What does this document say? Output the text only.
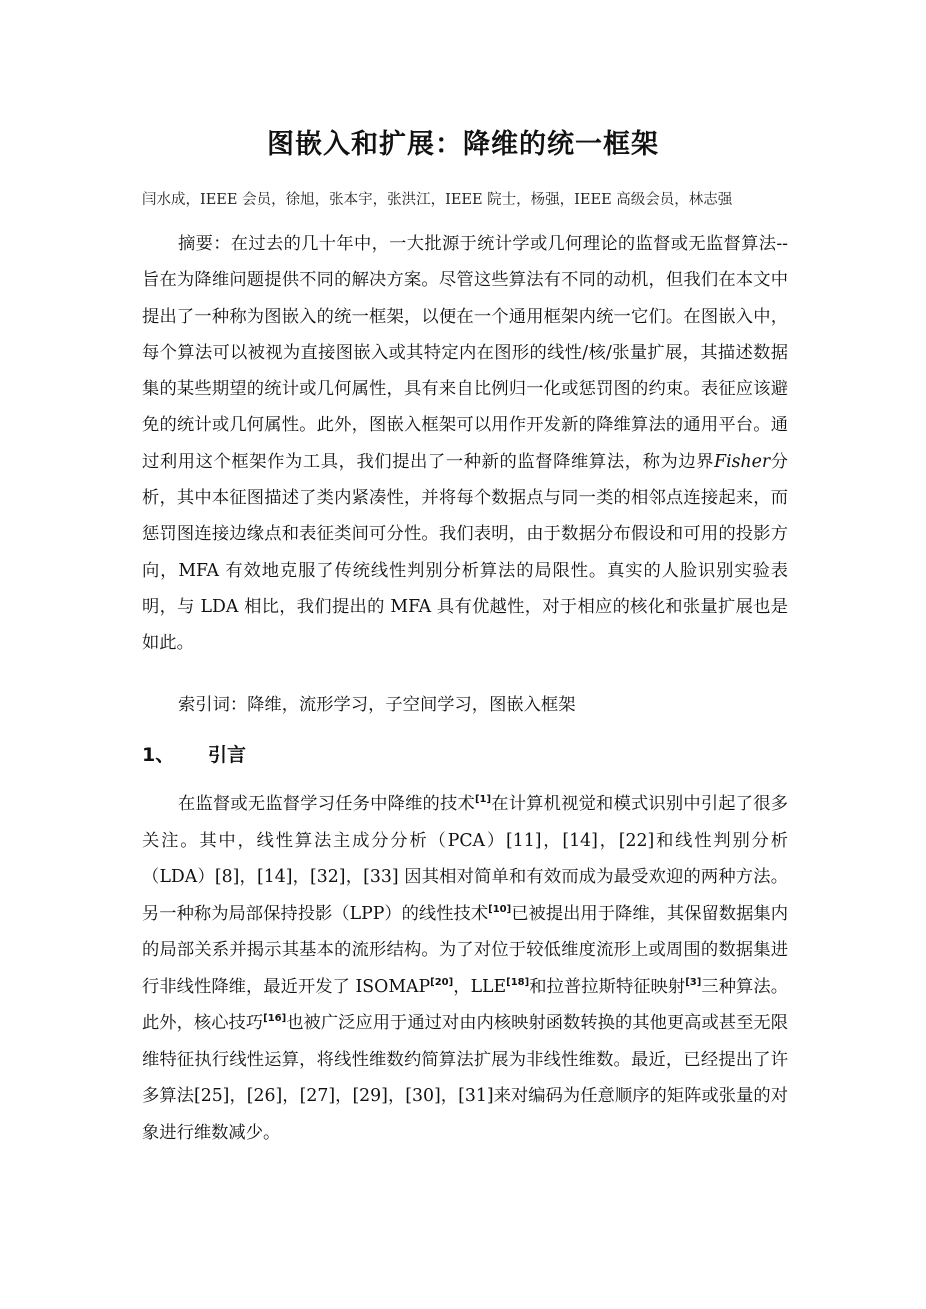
图嵌入和扩展：降维的统一框架
闫水成，IEEE 会员，徐旭，张本宇，张洪江，IEEE 院士，杨强，IEEE 高级会员，林志强

摘要：在过去的几十年中，一大批源于统计学或几何理论的监督或无监督算法--旨在为降维问题提供不同的解决方案。尽管这些算法有不同的动机，但我们在本文中提出了一种称为图嵌入的统一框架，以便在一个通用框架内统一它们。在图嵌入中，每个算法可以被视为直接图嵌入或其特定内在图形的线性/核/张量扩展，其描述数据集的某些期望的统计或几何属性，具有来自比例归一化或惩罚图的约束。表征应该避免的统计或几何属性。此外，图嵌入框架可以用作开发新的降维算法的通用平台。通过利用这个框架作为工具，我们提出了一种新的监督降维算法，称为边界Fisher分析，其中本征图描述了类内紧凑性，并将每个数据点与同一类的相邻点连接起来，而惩罚图连接边缘点和表征类间可分性。我们表明，由于数据分布假设和可用的投影方向，MFA 有效地克服了传统线性判别分析算法的局限性。真实的人脸识别实验表明，与 LDA 相比，我们提出的 MFA 具有优越性，对于相应的核化和张量扩展也是如此。

索引词：降维，流形学习，子空间学习，图嵌入框架

1、 引言

在监督或无监督学习任务中降维的技术[1]在计算机视觉和模式识别中引起了很多关注。其中，线性算法主成分分析（PCA）[11]，[14]，[22]和线性判别分析（LDA）[8]，[14]，[32]，[33] 因其相对简单和有效而成为最受欢迎的两种方法。另一种称为局部保持投影（LPP）的线性技术[10]已被提出用于降维，其保留数据集内的局部关系并揭示其基本的流形结构。为了对位于较低维度流形上或周围的数据集进行非线性降维，最近开发了 ISOMAP[20]，LLE[18]和拉普拉斯特征映射[3]三种算法。此外，核心技巧[16]也被广泛应用于通过对由内核映射函数转换的其他更高或甚至无限维特征执行线性运算，将线性维数约简算法扩展为非线性维数。最近，已经提出了许多算法[25]，[26]，[27]，[29]，[30]，[31]来对编码为任意顺序的矩阵或张量的对象进行维数减少。
